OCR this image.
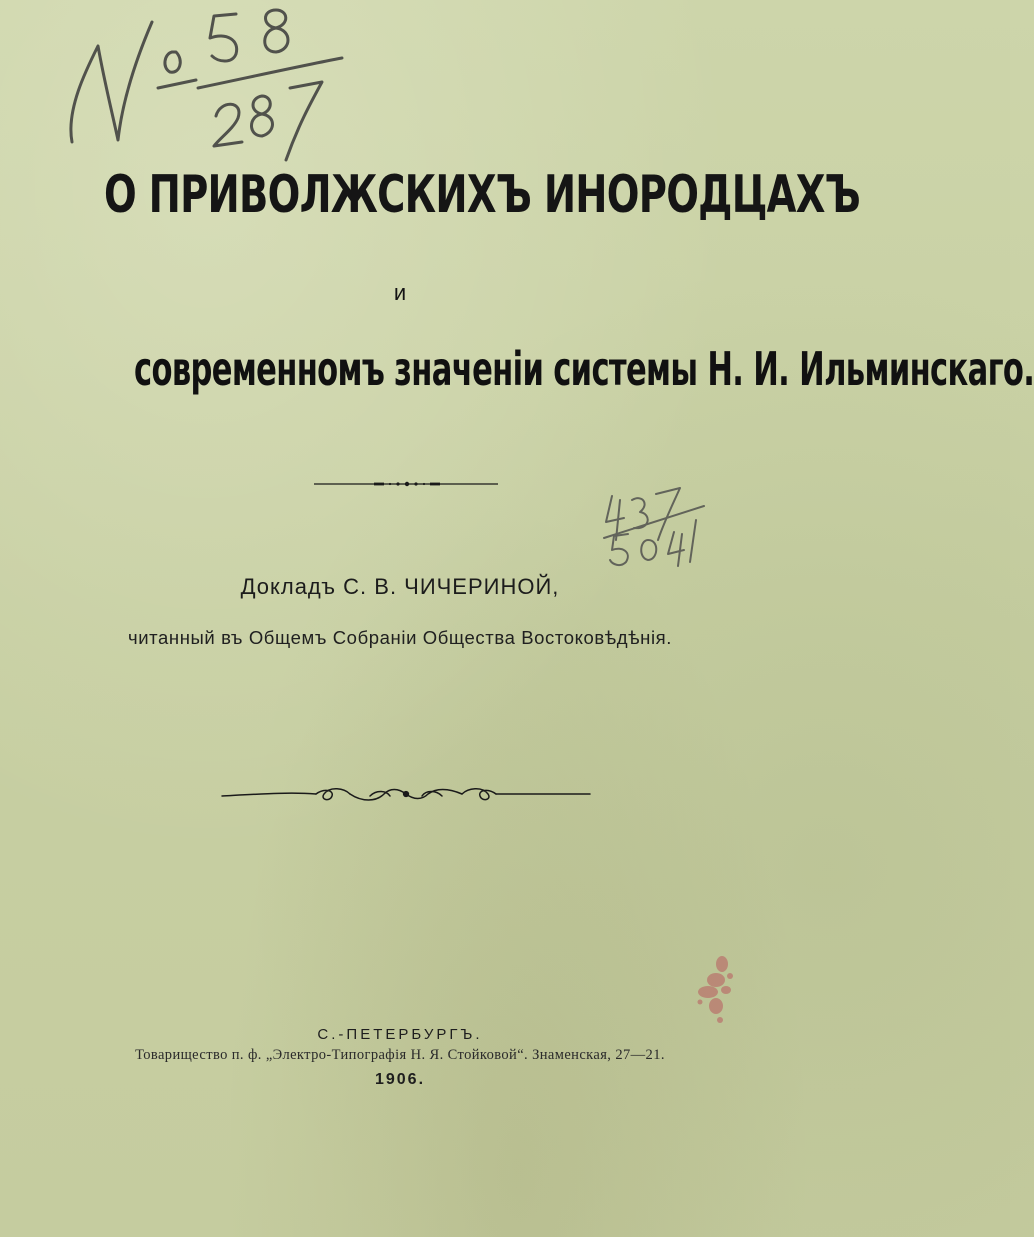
О ПРИВОЛЖСКИХЪ ИНОРОДЦАХЪ
и
современномъ значенiи системы Н. И. Ильминскаго.
Докладъ С. В. ЧИЧЕРИНОЙ,
читанный въ Общемъ Собранiи Общества Востоковѣдѣнiя.
С.-ПЕТЕРБУРГЪ.
Товарищество п. ф. „Электро-Типографiя Н. Я. Стойковой“. Знаменская, 27—21.
1906.
